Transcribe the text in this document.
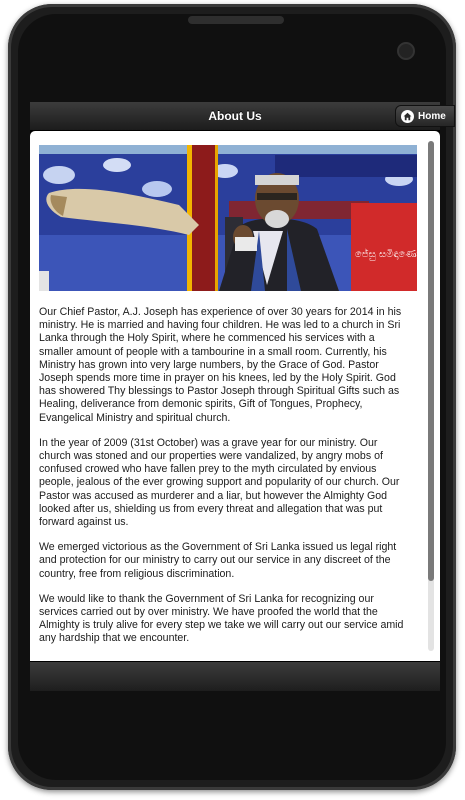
About Us	Home
ජේසු සමිඳාණෝ

Our Chief Pastor, A.J. Joseph has experience of over 30 years for 2014 in his ministry. He is married and having four children. He was led to a church in Sri Lanka through the Holy Spirit, where he commenced his services with a smaller amount of people with a tambourine in a small room. Currently, his Ministry has grown into very large numbers, by the Grace of God. Pastor Joseph spends more time in prayer on his knees, led by the Holy Spirit. God has showered Thy blessings to Pastor Joseph through Spiritual Gifts such as Healing, deliverance from demonic spirits, Gift of Tongues, Prophecy, Evangelical Ministry and spiritual church.

In the year of 2009 (31st October) was a grave year for our ministry. Our church was stoned and our properties were vandalized, by angry mobs of confused crowed who have fallen prey to the myth circulated by envious people, jealous of the ever growing support and popularity of our church. Our Pastor was accused as murderer and a liar, but however the Almighty God looked after us, shielding us from every threat and allegation that was put forward against us.

We emerged victorious as the Government of Sri Lanka issued us legal right and protection for our ministry to carry out our service in any discreet of the country, free from religious discrimination.

We would like to thank the Government of Sri Lanka for recognizing our services carried out by over ministry. We have proofed the world that the Almighty is truly alive for every step we take we will carry out our service amid any hardship that we encounter.
